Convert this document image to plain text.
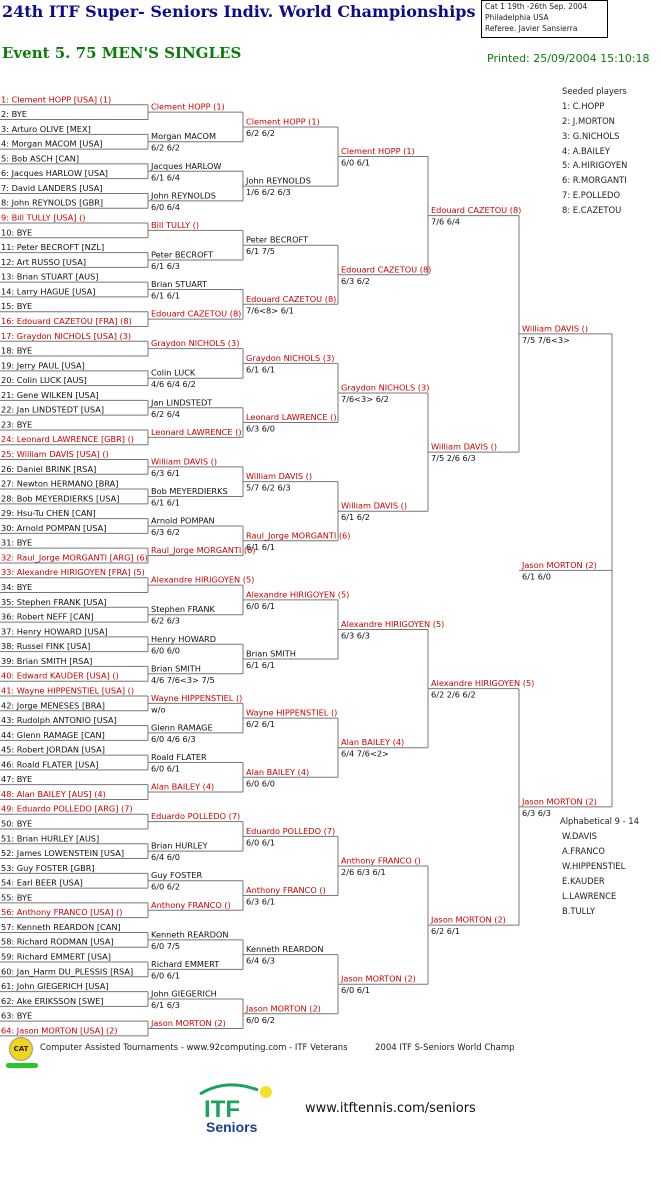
24th ITF Super- Seniors Indiv. World Championships
Event 5. 75 MEN'S SINGLES
Cat 1 19th -26th Sep. 2004
Philadelphia USA
Referee. Javier Sansierra
Printed: 25/09/2004 15:10:18
1: Clement HOPP [USA] (1)
2: BYE
3: Arturo OLIVE [MEX]
4: Morgan MACOM [USA]
5: Bob ASCH [CAN]
6: Jacques HARLOW [USA]
7: David LANDERS [USA]
8: John REYNOLDS [GBR]
9: Bill TULLY [USA] ()
10: BYE
11: Peter BECROFT [NZL]
12: Art RUSSO [USA]
13: Brian STUART [AUS]
14: Larry HAGUE [USA]
15: BYE
16: Edouard CAZETOU [FRA] (8)
17: Graydon NICHOLS [USA] (3)
18: BYE
19: Jerry PAUL [USA]
20: Colin LUCK [AUS]
21: Gene WILKEN [USA]
22: Jan LINDSTEDT [USA]
23: BYE
24: Leonard LAWRENCE [GBR] ()
25: William DAVIS [USA] ()
26: Daniel BRINK [RSA]
27: Newton HERMANO [BRA]
28: Bob MEYERDIERKS [USA]
29: Hsu-Tu CHEN [CAN]
30: Arnold POMPAN [USA]
31: BYE
32: Raul_Jorge MORGANTI [ARG] (6)
33: Alexandre HIRIGOYEN [FRA] (5)
34: BYE
35: Stephen FRANK [USA]
36: Robert NEFF [CAN]
37: Henry HOWARD [USA]
38: Russel FINK [USA]
39: Brian SMITH [RSA]
40: Edward KAUDER [USA] ()
41: Wayne HIPPENSTIEL [USA] ()
42: Jorge MENESES [BRA]
43: Rudolph ANTONIO [USA]
44: Glenn RAMAGE [CAN]
45: Robert JORDAN [USA]
46: Roald FLATER [USA]
47: BYE
48: Alan BAILEY [AUS] (4)
49: Eduardo POLLEDO [ARG] (7)
50: BYE
51: Brian HURLEY [AUS]
52: James LOWENSTEIN [USA]
53: Guy FOSTER [GBR]
54: Earl BEER [USA]
55: BYE
56: Anthony FRANCO [USA] ()
57: Kenneth REARDON [CAN]
58: Richard RODMAN [USA]
59: Richard EMMERT [USA]
60: Jan_Harm DU_PLESSIS [RSA]
61: John GIEGERICH [USA]
62: Ake ERIKSSON [SWE]
63: BYE
64: Jason MORTON [USA] (2)
Clement HOPP (1)
Morgan MACOM
6/2 6/2
Jacques HARLOW
6/1 6/4
John REYNOLDS
6/0 6/4
Bill TULLY ()
Peter BECROFT
6/1 6/3
Brian STUART
6/1 6/1
Edouard CAZETOU (8)
Graydon NICHOLS (3)
Colin LUCK
4/6 6/4 6/2
Jan LINDSTEDT
6/2 6/4
Leonard LAWRENCE ()
William DAVIS ()
6/3 6/1
Bob MEYERDIERKS
6/1 6/1
Arnold POMPAN
6/3 6/2
Raul_Jorge MORGANTI (6)
Alexandre HIRIGOYEN (5)
Stephen FRANK
6/2 6/3
Henry HOWARD
6/0 6/0
Brian SMITH
4/6 7/6<3> 7/5
Wayne HIPPENSTIEL ()
w/o
Glenn RAMAGE
6/0 4/6 6/3
Roald FLATER
6/0 6/1
Alan BAILEY (4)
Eduardo POLLEDO (7)
Brian HURLEY
6/4 6/0
Guy FOSTER
6/0 6/2
Anthony FRANCO ()
Kenneth REARDON
6/0 7/5
Richard EMMERT
6/0 6/1
John GIEGERICH
6/1 6/3
Jason MORTON (2)
Clement HOPP (1)
6/2 6/2
John REYNOLDS
1/6 6/2 6/3
Peter BECROFT
6/1 7/5
Edouard CAZETOU (8)
7/6<8> 6/1
Graydon NICHOLS (3)
6/1 6/1
Leonard LAWRENCE ()
6/3 6/0
William DAVIS ()
5/7 6/2 6/3
Raul_Jorge MORGANTI (6)
6/1 6/1
Alexandre HIRIGOYEN (5)
6/0 6/1
Brian SMITH
6/1 6/1
Wayne HIPPENSTIEL ()
6/2 6/1
Alan BAILEY (4)
6/0 6/0
Eduardo POLLEDO (7)
6/0 6/1
Anthony FRANCO ()
6/3 6/1
Kenneth REARDON
6/4 6/3
Jason MORTON (2)
6/0 6/2
Clement HOPP (1)
6/0 6/1
Edouard CAZETOU (8)
6/3 6/2
Graydon NICHOLS (3)
7/6<3> 6/2
William DAVIS ()
6/1 6/2
Alexandre HIRIGOYEN (5)
6/3 6/3
Alan BAILEY (4)
6/4 7/6<2>
Anthony FRANCO ()
2/6 6/3 6/1
Jason MORTON (2)
6/0 6/1
Edouard CAZETOU (8)
7/6 6/4
William DAVIS ()
7/5 2/6 6/3
Alexandre HIRIGOYEN (5)
6/2 2/6 6/2
Jason MORTON (2)
6/2 6/1
William DAVIS ()
7/5 7/6<3>
Jason MORTON (2)
6/3 6/3
Jason MORTON (2)
6/1 6/0
Seeded players
1: C.HOPP
2: J.MORTON
3: G.NICHOLS
4: A.BAILEY
5: A.HIRIGOYEN
6: R.MORGANTI
7: E.POLLEDO
8: E.CAZETOU
Alphabetical 9 - 14
W.DAVIS
A.FRANCO
W.HIPPENSTIEL
E.KAUDER
L.LAWRENCE
B.TULLY
CAT	Computer Assisted Tournaments - www.92computing.com - ITF Veterans	2004 ITF S-Seniors World Champ
ITF
Seniors
www.itftennis.com/seniors
